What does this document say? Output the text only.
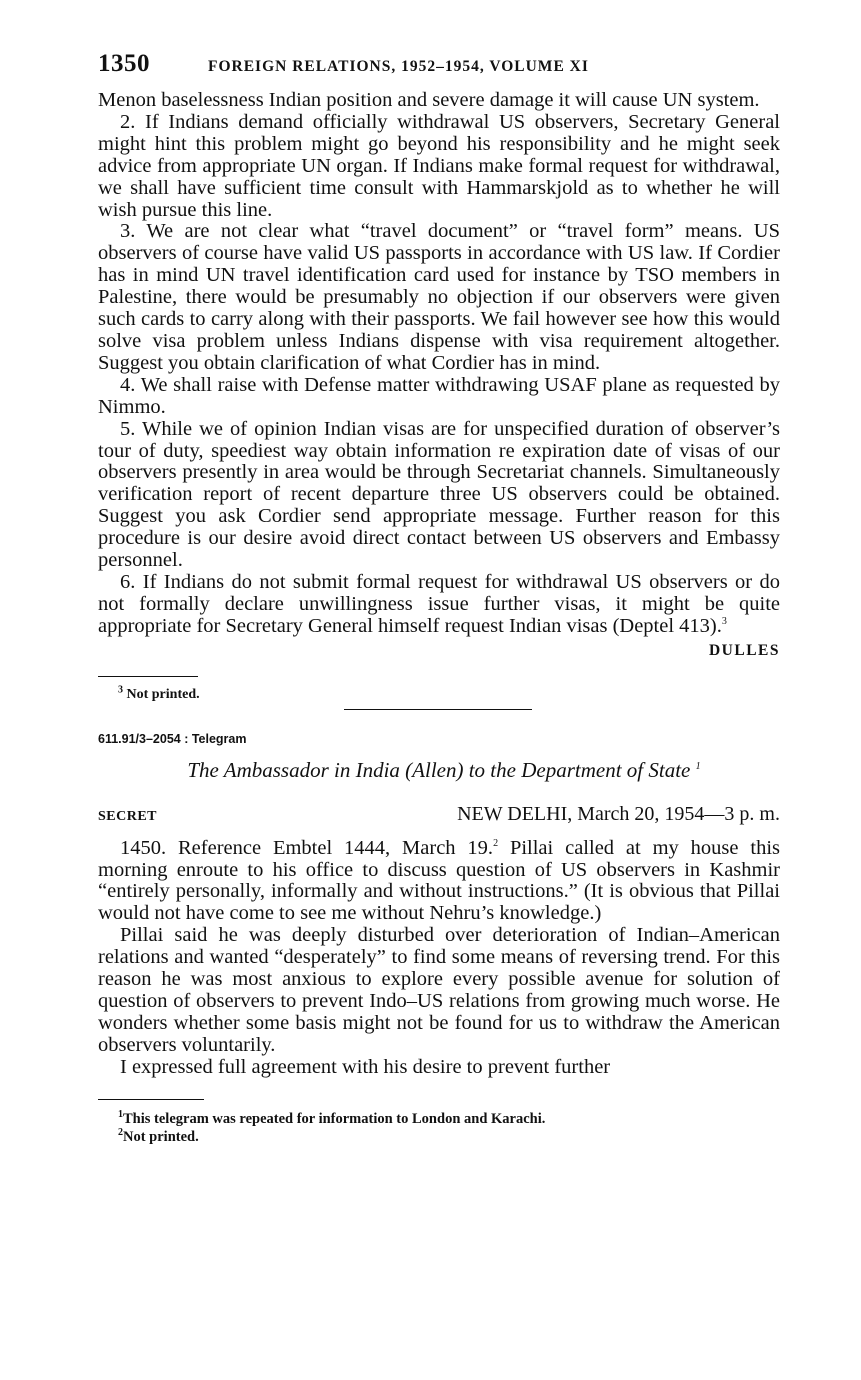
1350	FOREIGN RELATIONS, 1952–1954, VOLUME XI

Menon baselessness Indian position and severe damage it will cause UN system.

2. If Indians demand officially withdrawal US observers, Secretary General might hint this problem might go beyond his responsibility and he might seek advice from appropriate UN organ. If Indians make formal request for withdrawal, we shall have sufficient time consult with Hammarskjold as to whether he will wish pursue this line.

3. We are not clear what “travel document” or “travel form” means. US observers of course have valid US passports in accordance with US law. If Cordier has in mind UN travel identification card used for instance by TSO members in Palestine, there would be presumably no objection if our observers were given such cards to carry along with their passports. We fail however see how this would solve visa problem unless Indians dispense with visa requirement altogether. Suggest you obtain clarification of what Cordier has in mind.

4. We shall raise with Defense matter withdrawing USAF plane as requested by Nimmo.

5. While we of opinion Indian visas are for unspecified duration of observer’s tour of duty, speediest way obtain information re expiration date of visas of our observers presently in area would be through Secretariat channels. Simultaneously verification report of recent departure three US observers could be obtained. Suggest you ask Cordier send appropriate message. Further reason for this procedure is our desire avoid direct contact between US observers and Embassy personnel.

6. If Indians do not submit formal request for withdrawal US observers or do not formally declare unwillingness issue further visas, it might be quite appropriate for Secretary General himself request Indian visas (Deptel 413).$^3$

DULLES
$^3$ Not printed.
611.91/3–2054 : Telegram
The Ambassador in India (Allen) to the Department of State $^1$
SECRET	NEW DELHI, March 20, 1954—3 p. m.

1450. Reference Embtel 1444, March 19.$^2$ Pillai called at my house this morning enroute to his office to discuss question of US observers in Kashmir “entirely personally, informally and without instructions.” (It is obvious that Pillai would not have come to see me without Nehru’s knowledge.)

Pillai said he was deeply disturbed over deterioration of Indian–American relations and wanted “desperately” to find some means of reversing trend. For this reason he was most anxious to explore every possible avenue for solution of question of observers to prevent Indo–US relations from growing much worse. He wonders whether some basis might not be found for us to withdraw the American observers voluntarily.

I expressed full agreement with his desire to prevent further

$^1$This telegram was repeated for information to London and Karachi.
$^2$Not printed.
